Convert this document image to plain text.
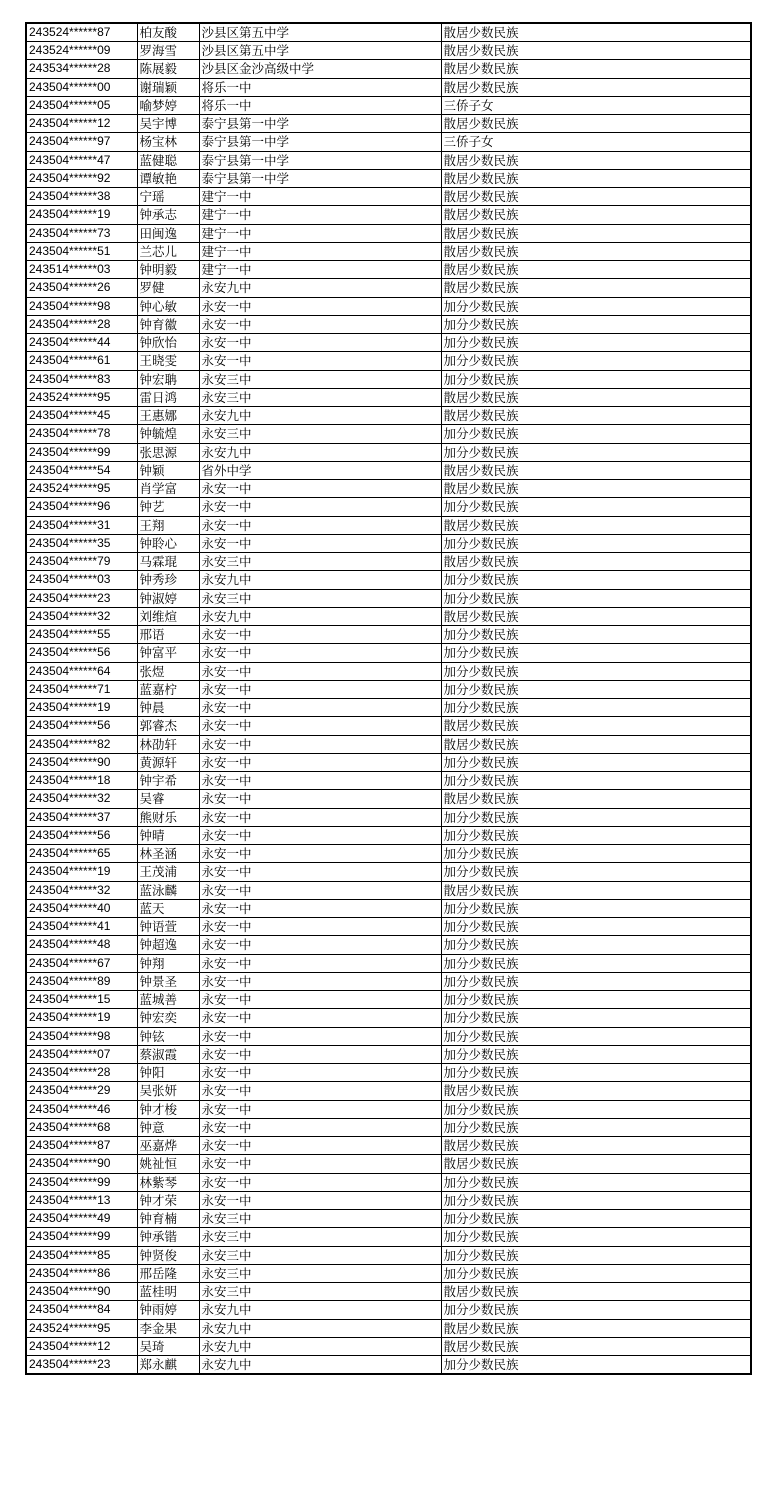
243524******87	柏友酸	沙县区第五中学	散居少数民族
243524******09	罗海雪	沙县区第五中学	散居少数民族
243534******28	陈展毅	沙县区金沙高级中学	散居少数民族
243504******00	谢瑞颖	将乐一中	散居少数民族
243504******05	喻梦婷	将乐一中	三侨子女
243504******12	吴宇博	泰宁县第一中学	散居少数民族
243504******97	杨宝林	泰宁县第一中学	三侨子女
243504******47	蓝健聪	泰宁县第一中学	散居少数民族
243504******92	谭敏艳	泰宁县第一中学	散居少数民族
243504******38	宁瑶	建宁一中	散居少数民族
243504******19	钟承志	建宁一中	散居少数民族
243504******73	田闽逸	建宁一中	散居少数民族
243504******51	兰芯儿	建宁一中	散居少数民族
243514******03	钟明毅	建宁一中	散居少数民族
243504******26	罗健	永安九中	散居少数民族
243504******98	钟心敏	永安一中	加分少数民族
243504******28	钟育徽	永安一中	加分少数民族
243504******44	钟欣怡	永安一中	加分少数民族
243504******61	王晓雯	永安一中	加分少数民族
243504******83	钟宏聃	永安三中	加分少数民族
243524******95	雷日鸿	永安三中	散居少数民族
243504******45	王惠娜	永安九中	散居少数民族
243504******78	钟毓煌	永安三中	加分少数民族
243504******99	张思源	永安九中	加分少数民族
243504******54	钟颖	省外中学	散居少数民族
243524******95	肖学富	永安一中	散居少数民族
243504******96	钟艺	永安一中	加分少数民族
243504******31	王翔	永安一中	散居少数民族
243504******35	钟聆心	永安一中	加分少数民族
243504******79	马霖琨	永安三中	散居少数民族
243504******03	钟秀珍	永安九中	加分少数民族
243504******23	钟淑婷	永安三中	加分少数民族
243504******32	刘维煊	永安九中	散居少数民族
243504******55	邢语	永安一中	加分少数民族
243504******56	钟富平	永安一中	加分少数民族
243504******64	张煜	永安一中	加分少数民族
243504******71	蓝嘉柠	永安一中	加分少数民族
243504******19	钟晨	永安一中	加分少数民族
243504******56	郭睿杰	永安一中	散居少数民族
243504******82	林劭轩	永安一中	散居少数民族
243504******90	黄源轩	永安一中	加分少数民族
243504******18	钟宇希	永安一中	加分少数民族
243504******32	吴睿	永安一中	散居少数民族
243504******37	熊财乐	永安一中	加分少数民族
243504******56	钟晴	永安一中	加分少数民族
243504******65	林圣涵	永安一中	加分少数民族
243504******19	王茂浦	永安一中	加分少数民族
243504******32	蓝泳麟	永安一中	散居少数民族
243504******40	蓝天	永安一中	加分少数民族
243504******41	钟语萱	永安一中	加分少数民族
243504******48	钟超逸	永安一中	加分少数民族
243504******67	钟翔	永安一中	加分少数民族
243504******89	钟景圣	永安一中	加分少数民族
243504******15	蓝城善	永安一中	加分少数民族
243504******19	钟宏奕	永安一中	加分少数民族
243504******98	钟铉	永安一中	加分少数民族
243504******07	蔡淑霞	永安一中	加分少数民族
243504******28	钟阳	永安一中	加分少数民族
243504******29	吴张妍	永安一中	散居少数民族
243504******46	钟才梭	永安一中	加分少数民族
243504******68	钟意	永安一中	加分少数民族
243504******87	巫嘉烨	永安一中	散居少数民族
243504******90	姚祉恒	永安一中	散居少数民族
243504******99	林紫琴	永安一中	加分少数民族
243504******13	钟才荣	永安一中	加分少数民族
243504******49	钟育楠	永安三中	加分少数民族
243504******99	钟承锴	永安三中	加分少数民族
243504******85	钟贤俊	永安三中	加分少数民族
243504******86	邢岳隆	永安三中	加分少数民族
243504******90	蓝桂明	永安三中	散居少数民族
243504******84	钟雨婷	永安九中	加分少数民族
243524******95	李金果	永安九中	散居少数民族
243504******12	吴琦	永安九中	散居少数民族
243504******23	郑永麒	永安九中	加分少数民族
